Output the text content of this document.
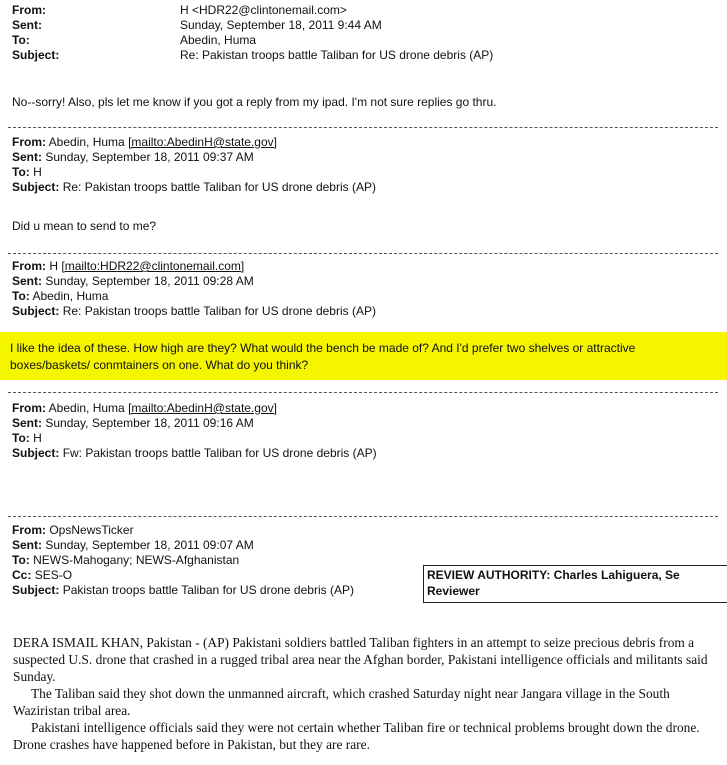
From:	H <HDR22@clintonemail.com>
Sent:	Sunday, September 18, 2011 9:44 AM
To:	Abedin, Huma
Subject:	Re: Pakistan troops battle Taliban for US drone debris (AP)
No--sorry! Also, pls let me know if you got a reply from my ipad. I'm not sure replies go thru.
From: Abedin, Huma [mailto:AbedinH@state.gov]
Sent: Sunday, September 18, 2011 09:37 AM
To: H
Subject: Re: Pakistan troops battle Taliban for US drone debris (AP)
Did u mean to send to me?
From: H [mailto:HDR22@clintonemail.com]
Sent: Sunday, September 18, 2011 09:28 AM
To: Abedin, Huma
Subject: Re: Pakistan troops battle Taliban for US drone debris (AP)
I like the idea of these. How high are they? What would the bench be made of? And I'd prefer two shelves or attractive
boxes/baskets/ conmtainers on one. What do you think?
From: Abedin, Huma [mailto:AbedinH@state.gov]
Sent: Sunday, September 18, 2011 09:16 AM
To: H
Subject: Fw: Pakistan troops battle Taliban for US drone debris (AP)
From: OpsNewsTicker
Sent: Sunday, September 18, 2011 09:07 AM
To: NEWS-Mahogany; NEWS-Afghanistan
Cc: SES-O
Subject: Pakistan troops battle Taliban for US drone debris (AP)
REVIEW AUTHORITY: Charles Lahiguera, Se
Reviewer

DERA ISMAIL KHAN, Pakistan - (AP) Pakistani soldiers battled Taliban fighters in an attempt to seize precious debris from a suspected U.S. drone that crashed in a rugged tribal area near the Afghan border, Pakistani intelligence officials and militants said Sunday.

The Taliban said they shot down the unmanned aircraft, which crashed Saturday night near Jangara village in the South Waziristan tribal area.

Pakistani intelligence officials said they were not certain whether Taliban fire or technical problems brought down the drone. Drone crashes have happened before in Pakistan, but they are rare.
